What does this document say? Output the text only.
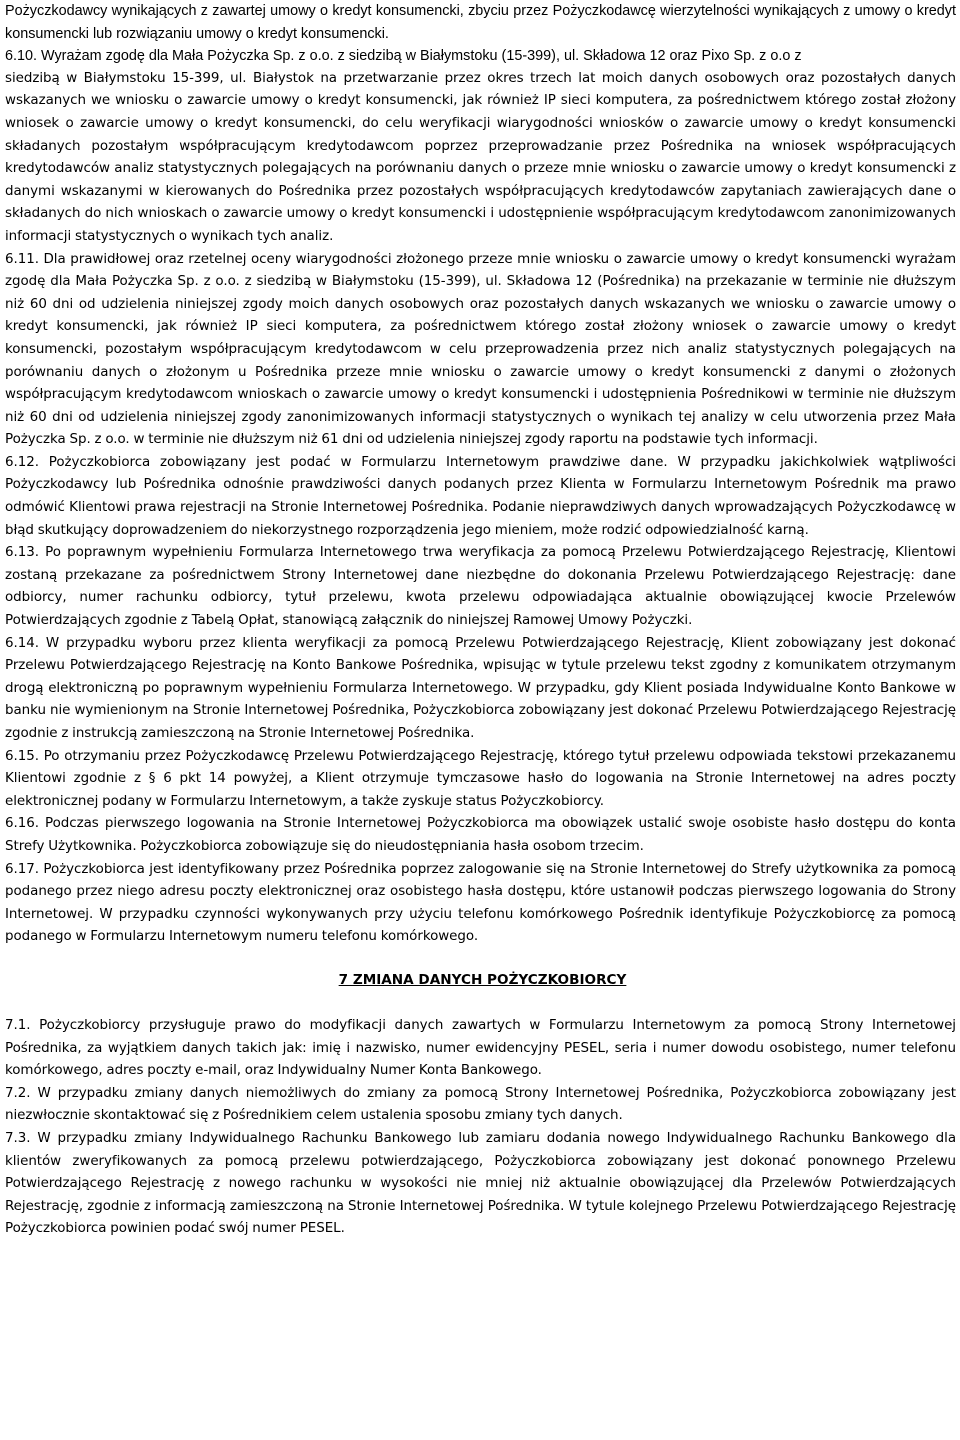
Pożyczkodawcy wynikających z zawartej umowy o kredyt konsumencki, zbyciu przez Pożyczkodawcę wierzytelności wynikających z umowy o kredyt konsumencki lub rozwiązaniu umowy o kredyt konsumencki.

6.10. Wyrażam zgodę dla Mała Pożyczka Sp. z o.o. z siedzibą w Białymstoku (15-399), ul. Składowa 12 oraz Pixo Sp. z o.o z

siedzibą w Białymstoku 15-399, ul. Białystok na przetwarzanie przez okres trzech lat moich danych osobowych oraz pozostałych danych wskazanych we wniosku o zawarcie umowy o kredyt konsumencki, jak również IP sieci komputera, za pośrednictwem którego został złożony wniosek o zawarcie umowy o kredyt konsumencki, do celu weryfikacji wiarygodności wniosków o zawarcie umowy o kredyt konsumencki składanych pozostałym współpracującym kredytodawcom poprzez przeprowadzanie przez Pośrednika na wniosek współpracujących kredytodawców analiz statystycznych polegających na porównaniu danych o przeze mnie wniosku o zawarcie umowy o kredyt konsumencki z danymi wskazanymi w kierowanych do Pośrednika przez pozostałych współpracujących kredytodawców zapytaniach zawierających dane o składanych do nich wnioskach o zawarcie umowy o kredyt konsumencki i udostępnienie współpracującym kredytodawcom zanonimizowanych informacji statystycznych o wynikach tych analiz.

6.11. Dla prawidłowej oraz rzetelnej oceny wiarygodności złożonego przeze mnie wniosku o zawarcie umowy o kredyt konsumencki wyrażam zgodę dla Mała Pożyczka Sp. z o.o. z siedzibą w Białymstoku (15-399), ul. Składowa 12 (Pośrednika) na przekazanie w terminie nie dłuższym niż 60 dni od udzielenia niniejszej zgody moich danych osobowych oraz pozostałych danych wskazanych we wniosku o zawarcie umowy o kredyt konsumencki, jak również IP sieci komputera, za pośrednictwem którego został złożony wniosek o zawarcie umowy o kredyt konsumencki, pozostałym współpracującym kredytodawcom w celu przeprowadzenia przez nich analiz statystycznych polegających na porównaniu danych o złożonym u Pośrednika przeze mnie wniosku o zawarcie umowy o kredyt konsumencki z danymi o złożonych współpracującym kredytodawcom wnioskach o zawarcie umowy o kredyt konsumencki i udostępnienia Pośrednikowi w terminie nie dłuższym niż 60 dni od udzielenia niniejszej zgody zanonimizowanych informacji statystycznych o wynikach tej analizy w celu utworzenia przez Mała Pożyczka Sp. z o.o. w terminie nie dłuższym niż 61 dni od udzielenia niniejszej zgody raportu na podstawie tych informacji.

6.12. Pożyczkobiorca zobowiązany jest podać w Formularzu Internetowym prawdziwe dane. W przypadku jakichkolwiek wątpliwości Pożyczkodawcy lub Pośrednika odnośnie prawdziwości danych podanych przez Klienta w Formularzu Internetowym Pośrednik ma prawo odmówić Klientowi prawa rejestracji na Stronie Internetowej Pośrednika. Podanie nieprawdziwych danych wprowadzających Pożyczkodawcę w błąd skutkujący doprowadzeniem do niekorzystnego rozporządzenia jego mieniem, może rodzić odpowiedzialność karną.

6.13. Po poprawnym wypełnieniu Formularza Internetowego trwa weryfikacja za pomocą Przelewu Potwierdzającego Rejestrację, Klientowi zostaną przekazane za pośrednictwem Strony Internetowej dane niezbędne do dokonania Przelewu Potwierdzającego Rejestrację: dane odbiorcy, numer rachunku odbiorcy, tytuł przelewu, kwota przelewu odpowiadająca aktualnie obowiązującej kwocie Przelewów Potwierdzających zgodnie z Tabelą Opłat, stanowiącą załącznik do niniejszej Ramowej Umowy Pożyczki.

6.14. W przypadku wyboru przez klienta weryfikacji za pomocą Przelewu Potwierdzającego Rejestrację, Klient zobowiązany jest dokonać Przelewu Potwierdzającego Rejestrację na Konto Bankowe Pośrednika, wpisując w tytule przelewu tekst zgodny z komunikatem otrzymanym drogą elektroniczną po poprawnym wypełnieniu Formularza Internetowego. W przypadku, gdy Klient posiada Indywidualne Konto Bankowe w banku nie wymienionym na Stronie Internetowej Pośrednika, Pożyczkobiorca zobowiązany jest dokonać Przelewu Potwierdzającego Rejestrację zgodnie z instrukcją zamieszczoną na Stronie Internetowej Pośrednika.

6.15. Po otrzymaniu przez Pożyczkodawcę Przelewu Potwierdzającego Rejestrację, którego tytuł przelewu odpowiada tekstowi przekazanemu Klientowi zgodnie z § 6 pkt 14 powyżej, a Klient otrzymuje tymczasowe hasło do logowania na Stronie Internetowej na adres poczty elektronicznej podany w Formularzu Internetowym, a także zyskuje status Pożyczkobiorcy.

6.16. Podczas pierwszego logowania na Stronie Internetowej Pożyczkobiorca ma obowiązek ustalić swoje osobiste hasło dostępu do konta Strefy Użytkownika. Pożyczkobiorca zobowiązuje się do nieudostępniania hasła osobom trzecim.

6.17. Pożyczkobiorca jest identyfikowany przez Pośrednika poprzez zalogowanie się na Stronie Internetowej do Strefy użytkownika za pomocą podanego przez niego adresu poczty elektronicznej oraz osobistego hasła dostępu, które ustanowił podczas pierwszego logowania do Strony Internetowej. W przypadku czynności wykonywanych przy użyciu telefonu komórkowego Pośrednik identyfikuje Pożyczkobiorcę za pomocą podanego w Formularzu Internetowym numeru telefonu komórkowego.

7 ZMIANA DANYCH POŻYCZKOBIORCY

7.1. Pożyczkobiorcy przysługuje prawo do modyfikacji danych zawartych w Formularzu Internetowym za pomocą Strony Internetowej Pośrednika, za wyjątkiem danych takich jak: imię i nazwisko, numer ewidencyjny PESEL, seria i numer dowodu osobistego, numer telefonu komórkowego, adres poczty e-mail, oraz Indywidualny Numer Konta Bankowego.

7.2. W przypadku zmiany danych niemożliwych do zmiany za pomocą Strony Internetowej Pośrednika, Pożyczkobiorca zobowiązany jest niezwłocznie skontaktować się z Pośrednikiem celem ustalenia sposobu zmiany tych danych.

7.3. W przypadku zmiany Indywidualnego Rachunku Bankowego lub zamiaru dodania nowego Indywidualnego Rachunku Bankowego dla klientów zweryfikowanych za pomocą przelewu potwierdzającego, Pożyczkobiorca zobowiązany jest dokonać ponownego Przelewu Potwierdzającego Rejestrację z nowego rachunku w wysokości nie mniej niż aktualnie obowiązującej dla Przelewów Potwierdzających Rejestrację, zgodnie z informacją zamieszczoną na Stronie Internetowej Pośrednika. W tytule kolejnego Przelewu Potwierdzającego Rejestrację Pożyczkobiorca powinien podać swój numer PESEL.
